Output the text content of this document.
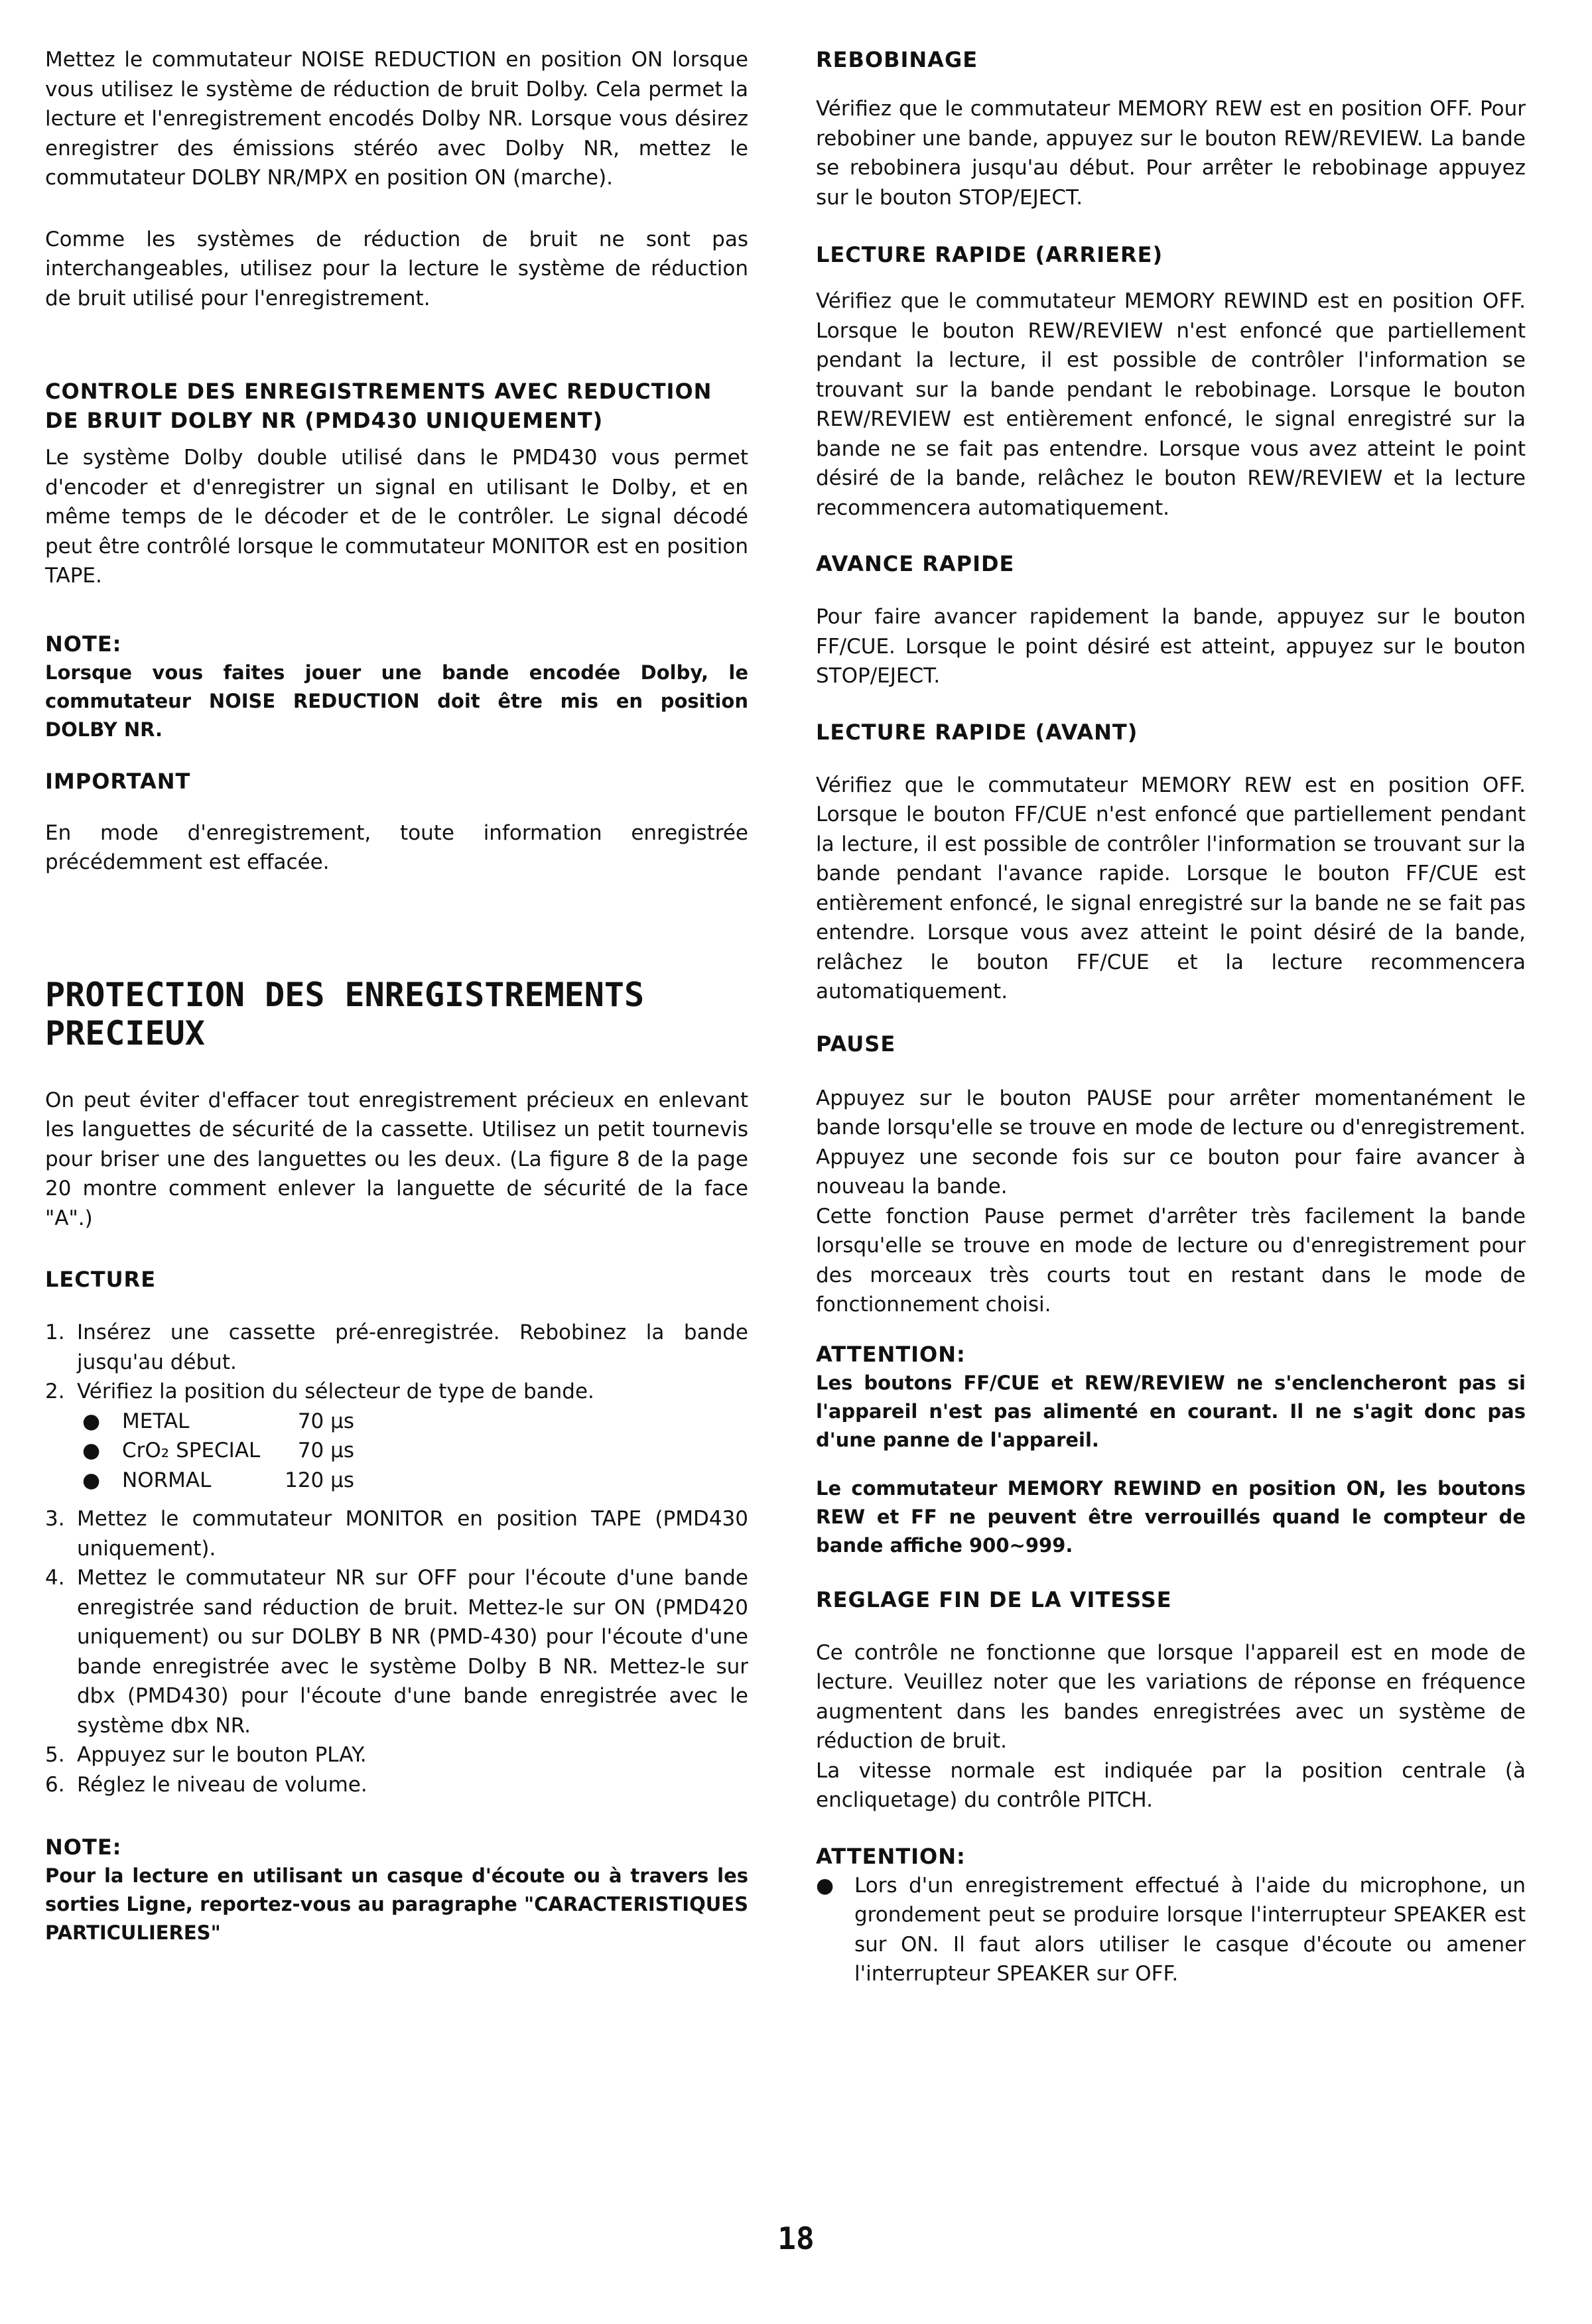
Mettez le commutateur NOISE REDUCTION en position ON lorsque vous utilisez le système de réduction de bruit Dolby. Cela permet la lecture et l'enregistrement encodés Dolby NR. Lorsque vous désirez enregistrer des émissions stéréo avec Dolby NR, mettez le commutateur DOLBY NR/MPX en position ON (marche).

Comme les systèmes de réduction de bruit ne sont pas interchangeables, utilisez pour la lecture le système de réduction de bruit utilisé pour l'enregistrement.

CONTROLE DES ENREGISTREMENTS AVEC REDUCTION DE BRUIT DOLBY NR (PMD430 UNIQUEMENT)

Le système Dolby double utilisé dans le PMD430 vous permet d'encoder et d'enregistrer un signal en utilisant le Dolby, et en même temps de le décoder et de le contrôler. Le signal décodé peut être contrôlé lorsque le commutateur MONITOR est en position TAPE.

NOTE:
Lorsque vous faites jouer une bande encodée Dolby, le commutateur NOISE REDUCTION doit être mis en position DOLBY NR.
IMPORTANT

En mode d'enregistrement, toute information enregistrée précédemment est effacée.

PROTECTION DES ENREGISTREMENTS PRECIEUX

On peut éviter d'effacer tout enregistrement précieux en enlevant les languettes de sécurité de la cassette. Utilisez un petit tournevis pour briser une des languettes ou les deux. (La figure 8 de la page 20 montre comment enlever la languette de sécurité de la face "A".)

LECTURE
1. Insérez une cassette pré-enregistrée. Rebobinez la bande jusqu'au début.
2. Vérifiez la position du sélecteur de type de bande.
●	METAL	70 µs
●	CrO₂ SPECIAL	70 µs
●	NORMAL	120 µs
3. Mettez le commutateur MONITOR en position TAPE (PMD430 uniquement).
4. Mettez le commutateur NR sur OFF pour l'écoute d'une bande enregistrée sand réduction de bruit. Mettez-le sur ON (PMD420 uniquement) ou sur DOLBY B NR (PMD-430) pour l'écoute d'une bande enregistrée avec le système Dolby B NR. Mettez-le sur dbx (PMD430) pour l'écoute d'une bande enregistrée avec le système dbx NR.
5. Appuyez sur le bouton PLAY.
6. Réglez le niveau de volume.
NOTE:
Pour la lecture en utilisant un casque d'écoute ou à travers les sorties Ligne, reportez-vous au paragraphe "CARACTERISTIQUES PARTICULIERES"
REBOBINAGE

Vérifiez que le commutateur MEMORY REW est en position OFF. Pour rebobiner une bande, appuyez sur le bouton REW/REVIEW. La bande se rebobinera jusqu'au début. Pour arrêter le rebobinage appuyez sur le bouton STOP/EJECT.

LECTURE RAPIDE (ARRIERE)

Vérifiez que le commutateur MEMORY REWIND est en position OFF. Lorsque le bouton REW/REVIEW n'est enfoncé que partiellement pendant la lecture, il est possible de contrôler l'information se trouvant sur la bande pendant le rebobinage. Lorsque le bouton REW/REVIEW est entièrement enfoncé, le signal enregistré sur la bande ne se fait pas entendre. Lorsque vous avez atteint le point désiré de la bande, relâchez le bouton REW/REVIEW et la lecture recommencera automatiquement.

AVANCE RAPIDE

Pour faire avancer rapidement la bande, appuyez sur le bouton FF/CUE. Lorsque le point désiré est atteint, appuyez sur le bouton STOP/EJECT.

LECTURE RAPIDE (AVANT)

Vérifiez que le commutateur MEMORY REW est en position OFF. Lorsque le bouton FF/CUE n'est enfoncé que partiellement pendant la lecture, il est possible de contrôler l'information se trouvant sur la bande pendant l'avance rapide. Lorsque le bouton FF/CUE est entièrement enfoncé, le signal enregistré sur la bande ne se fait pas entendre. Lorsque vous avez atteint le point désiré de la bande, relâchez le bouton FF/CUE et la lecture recommencera automatiquement.

PAUSE

Appuyez sur le bouton PAUSE pour arrêter momentanément le bande lorsqu'elle se trouve en mode de lecture ou d'enregistrement. Appuyez une seconde fois sur ce bouton pour faire avancer à nouveau la bande.

Cette fonction Pause permet d'arrêter très facilement la bande lorsqu'elle se trouve en mode de lecture ou d'enregistrement pour des morceaux très courts tout en restant dans le mode de fonctionnement choisi.

ATTENTION:
Les boutons FF/CUE et REW/REVIEW ne s'enclencheront pas si l'appareil n'est pas alimenté en courant. Il ne s'agit donc pas d'une panne de l'appareil.
Le commutateur MEMORY REWIND en position ON, les boutons REW et FF ne peuvent être verrouillés quand le compteur de bande affiche 900~999.
REGLAGE FIN DE LA VITESSE

Ce contrôle ne fonctionne que lorsque l'appareil est en mode de lecture. Veuillez noter que les variations de réponse en fréquence augmentent dans les bandes enregistrées avec un système de réduction de bruit.

La vitesse normale est indiquée par la position centrale (à encliquetage) du contrôle PITCH.

ATTENTION:
● Lors d'un enregistrement effectué à l'aide du microphone, un grondement peut se produire lorsque l'interrupteur SPEAKER est sur ON. Il faut alors utiliser le casque d'écoute ou amener l'interrupteur SPEAKER sur OFF.
18
